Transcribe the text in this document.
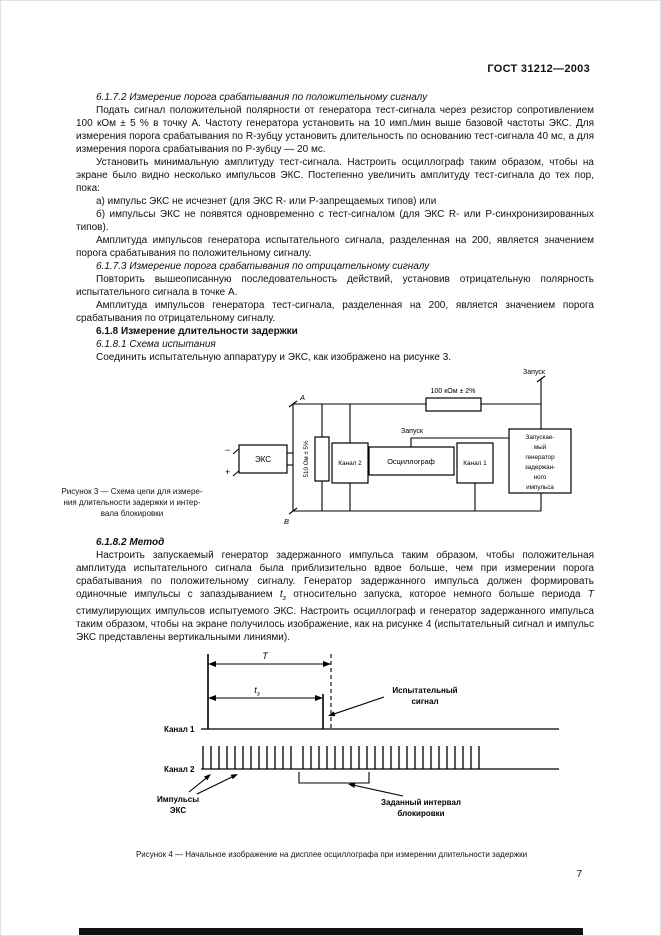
ГОСТ 31212—2003

6.1.7.2 Измерение порога срабатывания по положительному сигналу

Подать сигнал положительной полярности от генератора тест-сигнала через резистор сопротивлением 100 кОм ± 5 % в точку А. Частоту генератора установить на 10 имп./мин выше базовой частоты ЭКС. Для измерения порога срабатывания по R-зубцу установить длительность по основанию тест-сигнала 40 мс, а для измерения порога срабатывания по Р-зубцу — 20 мс.

Установить минимальную амплитуду тест-сигнала. Настроить осциллограф таким образом, чтобы на экране было видно несколько импульсов ЭКС. Постепенно увеличить амплитуду тест-сигнала до тех пор, пока:

а) импульс ЭКС не исчезнет (для ЭКС R- или Р-запрещаемых типов) или

б) импульсы ЭКС не появятся одновременно с тест-сигналом (для ЭКС R- или Р-синхронизированных типов).

Амплитуда импульсов генератора испытательного сигнала, разделенная на 200, является значением порога срабатывания по положительному сигналу.

6.1.7.3 Измерение порога срабатывания по отрицательному сигналу

Повторить вышеописанную последовательность действий, установив отрицательную полярность испытательного сигнала в точке А.

Амплитуда импульсов генератора тест-сигнала, разделенная на 200, является значением порога срабатывания по отрицательному сигналу.

6.1.8 Измерение длительности задержки

6.1.8.1 Схема испытания

Соединить испытательную аппаратуру и ЭКС, как изображено на рисунке 3.

Запуск
100 кОм ± 2%
Запуск
ЭКС	510 Ом ± 5%	Канал 2	Осциллограф	Канал 1
Запускае-
мый
генератор
задержан-
ного
импульса
А
В
−
+
Рисунок 3 — Схема цепи для измере-
ния длительности задержки и интер-
вала блокировки

6.1.8.2 Метод

Настроить запускаемый генератор задержанного импульса таким образом, чтобы положительная амплитуда испытательного сигнала была приблизительно вдвое больше, чем при измерении порога срабатывания по положительному сигналу. Генератор задержанного импульса должен формировать одиночные импульсы с запаздыванием $t_з$ относительно запуска, которое немного больше периода Т стимулирующих импульсов испытуемого ЭКС. Настроить осциллограф и генератор задержанного импульса таким образом, чтобы на экране получилось изображение, как на рисунке 4 (испытательный сигнал и импульс ЭКС представлены вертикальными линиями).

T
$t_з$	Испытательный
сигнал
Канал 1
Канал 2
Импульсы
ЭКС
Заданный интервал
блокировки
Рисунок 4 — Начальное изображение на дисплее осциллографа при измерении длительности задержки
7
